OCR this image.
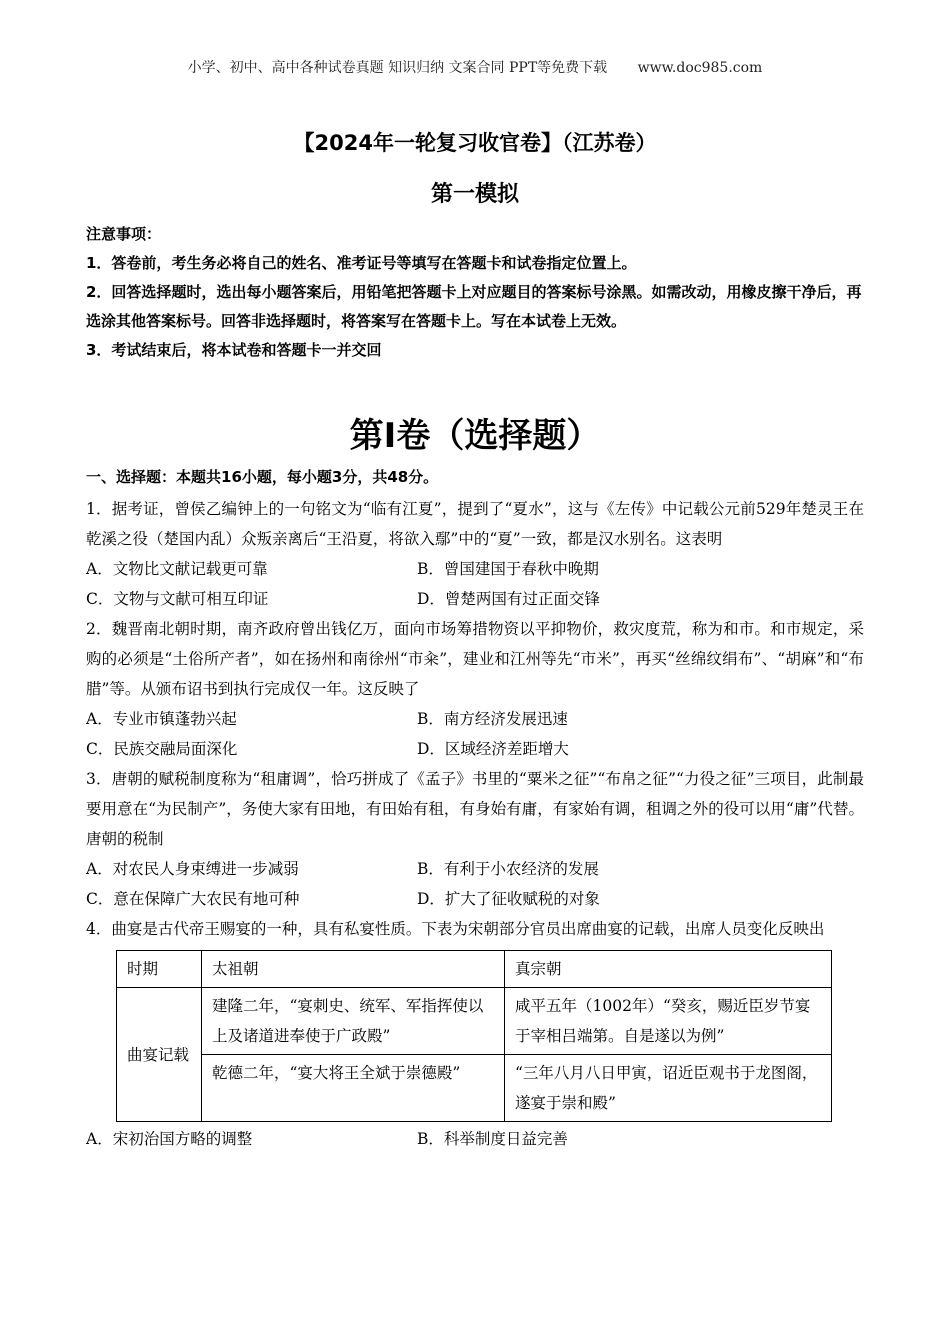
小学、初中、高中各种试卷真题 知识归纳 文案合同 PPT等免费下载 www.doc985.com
【2024年一轮复习收官卷】（江苏卷）
第一模拟

注意事项：

1．答卷前，考生务必将自己的姓名、准考证号等填写在答题卡和试卷指定位置上。

2．回答选择题时，选出每小题答案后，用铅笔把答题卡上对应题目的答案标号涂黑。如需改动，用橡皮擦干净后，再选涂其他答案标号。回答非选择题时，将答案写在答题卡上。写在本试卷上无效。

3．考试结束后，将本试卷和答题卡一并交回

第Ⅰ卷（选择题）
一、选择题：本题共16小题，每小题3分，共48分。

1．据考证，曾侯乙编钟上的一句铭文为“临有江夏”，提到了“夏水”，这与《左传》中记载公元前529年楚灵王在乾溪之役（楚国内乱）众叛亲离后“王沿夏，将欲入鄢”中的“夏”一致，都是汉水别名。这表明

A．文物比文献记载更可靠	B．曾国建国于春秋中晚期
C．文物与文献可相互印证	D．曾楚两国有过正面交锋

2．魏晋南北朝时期，南齐政府曾出钱亿万，面向市场筹措物资以平抑物价，救灾度荒，称为和市。和市规定，采购的必须是“土俗所产者”，如在扬州和南徐州“市籴”，建业和江州等先“市米”，再买“丝绵纹绢布”、“胡麻”和“布腊”等。从颁布诏书到执行完成仅一年。这反映了

A．专业市镇蓬勃兴起	B．南方经济发展迅速
C．民族交融局面深化	D．区域经济差距增大

3．唐朝的赋税制度称为“租庸调”，恰巧拼成了《孟子》书里的“粟米之征”“布帛之征”“力役之征”三项目，此制最要用意在“为民制产”，务使大家有田地，有田始有租，有身始有庸，有家始有调，租调之外的役可以用“庸”代替。唐朝的税制

A．对农民人身束缚进一步减弱	B．有利于小农经济的发展
C．意在保障广大农民有地可种	D．扩大了征收赋税的对象

4．曲宴是古代帝王赐宴的一种，具有私宴性质。下表为宋朝部分官员出席曲宴的记载，出席人员变化反映出

时期	太祖朝	真宗朝
曲宴记载	建隆二年，“宴刺史、统军、军指挥使以上及诸道进奉使于广政殿”	咸平五年（1002年）“癸亥，赐近臣岁节宴于宰相吕端第。自是遂以为例”
	乾德二年，“宴大将王全斌于崇德殿”	“三年八月八日甲寅，诏近臣观书于龙图阁，遂宴于崇和殿”
A．宋初治国方略的调整	B．科举制度日益完善
